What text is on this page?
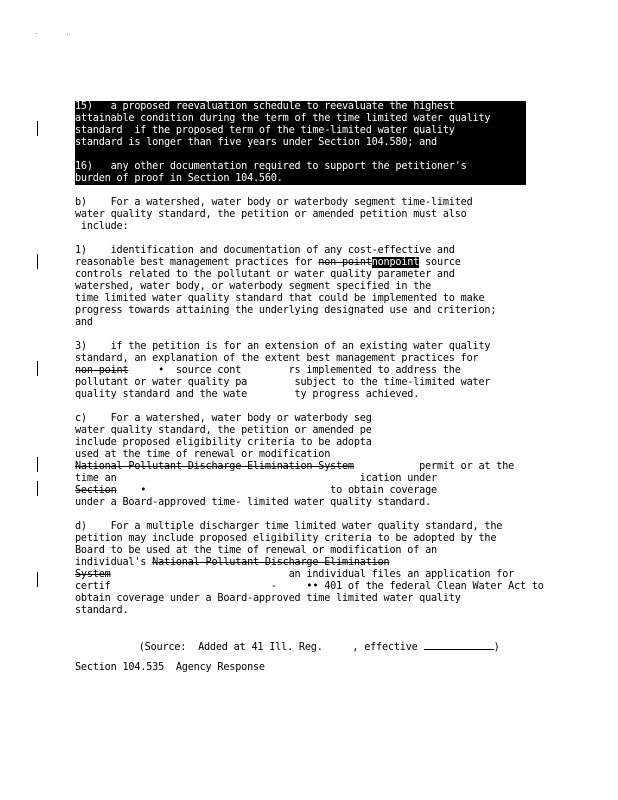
15)   a proposed reevaluation schedule to reevaluate the highest
attainable condition during the term of the time limited water quality
standard  if the proposed term of the time-limited water quality
standard is longer than five years under Section 104.580; and
16)   any other documentation required to support the petitioner's
burden of proof in Section 104.560.
b)    For a watershed, water body or waterbody segment time-limited
water quality standard, the petition or amended petition must also
include:
1)    identification and documentation of any cost-effective and
reasonable best management practices for non pointnonpoint source
controls related to the pollutant or water quality parameter and
watershed, water body, or waterbody segment specified in the
time limited water quality standard that could be implemented to make
progress towards attaining the underlying designated use and criterion;
and
3)    if the petition is for an extension of an existing water quality
standard, an explanation of the extent best management practices for
non point     •  source cont        rs implemented to address the
pollutant or water quality pa        subject to the time-limited water
quality standard and the wate        ty progress achieved.
c)    For a watershed, water body or waterbody seg
water quality standard, the petition or amended pe
include proposed eligibility criteria to be adopta
used at the time of renewal or modification
National Pollutant Discharge Elimination System           permit or at the
time an                                         ication under
Section    •                               to obtain coverage
under a Board-approved time- limited water quality standard.
d)    For a multiple discharger time limited water quality standard, the
petition may include proposed eligibility criteria to be adopted by the
Board to be used at the time of renewal or modification of an
individual's National Pollutant Discharge Elimination
System                              an individual files an application for
certif                           -     •• 401 of the federal Clean Water Act to
obtain coverage under a Board-approved time limited water quality
standard.

(Source:  Added at 41 Ill. Reg.	, effective	)

Section 104.535  Agency Response
